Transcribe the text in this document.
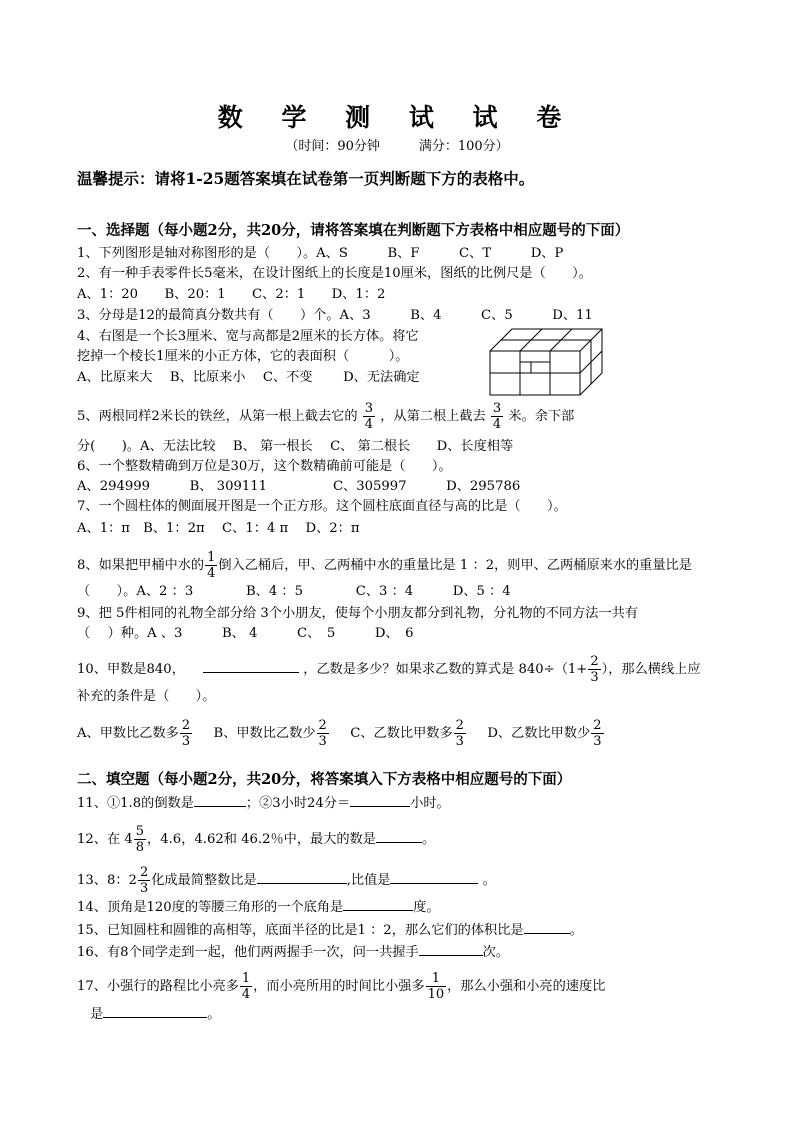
数 学 测 试 试 卷
（时间：90分钟　　　满分：100分）
温馨提示：请将1-25题答案填在试卷第一页判断题下方的表格中。
一、选择题（每小题2分，共20分，请将答案填在判断题下方表格中相应题号的下面）
1、下列图形是轴对称图形的是（　　）。A、S　　　B、F　　　C、T　　　D、P
2、有一种手表零件长5毫米，在设计图纸上的长度是10厘米，图纸的比例尺是（　　）。
A、1：20　　B、20：1　　C、2：1　　D、1：2
3、分母是12的最简真分数共有（　　）个。A、3　　　B、4　　　C、5　　　D、11
4、右图是一个长3厘米、宽与高都是2厘米的长方体。将它
挖掉一个棱长1厘米的小正方体，它的表面积（　　　）。
A、比原来大　 B、比原来小　 C、不变　　 D、无法确定
5、两根同样2米长的铁丝，从第一根上截去它的 $\frac{3}{4}$ ，从第二根上截去 $\frac{3}{4}$ 米。余下部
分(　　)。A、无法比较　 B、 第一根长　 C、 第二根长　　D、长度相等
6、一个整数精确到万位是30万，这个数精确前可能是（　　）。
A、294999　　　B、 309111　　　　　C、305997　　　D、295786
7、一个圆柱体的侧面展开图是一个正方形。这个圆柱底面直径与高的比是（　　）。
A、1：π　B、1：2π　 C、1：4 π　 D、2：π
8、如果把甲桶中水的 $\frac{1}{4}$ 倒入乙桶后，甲、乙两桶中水的重量比是 1 ：2，则甲、乙两桶原来水的重量比是
（　　）。A、2 ：3　　　　B、4 ：5　　　　C、3 ：4　　　D、5 ：4
9、把 5件相同的礼物全部分给 3个小朋友，使每个小朋友都分到礼物，分礼物的不同方法一共有
（　 ）种。A 、3　　　B、 4　　　C、　5　　　D、　6
10、甲数是840，	，乙数是多少？如果求乙数的算式是 $840\div(1+ \frac{2}{3}$ ），那么横线上应
补充的条件是（　　）。
A、甲数比乙数多 $\frac{2}{3}$ B、甲数比乙数少 $\frac{2}{3}$ C、乙数比甲数多 $\frac{2}{3}$ D、乙数比甲数少 $\frac{2}{3}$
二、填空题（每小题2分，共20分，将答案填入下方表格中相应题号的下面）
11、①1.8的倒数是	；②3小时24分＝	小时。
12、在 $4 \frac{5}{8}$ ，4.6，4.62和 46.2％中，最大的数是	。
13、8：$2 \frac{2}{3}$ 化成最简整数比是	,比值是	。
14、顶角是120度的等腰三角形的一个底角是	度。
15、已知圆柱和圆锥的高相等，底面半径的比是1 ：2，那么它们的体积比是	。
16、有8个同学走到一起，他们两两握手一次，问一共握手	次。
17、小强行的路程比小亮多 $\frac{1}{4}$ ，而小亮所用的时间比小强多 $\frac{1}{10}$ ，那么小强和小亮的速度比
是	。
